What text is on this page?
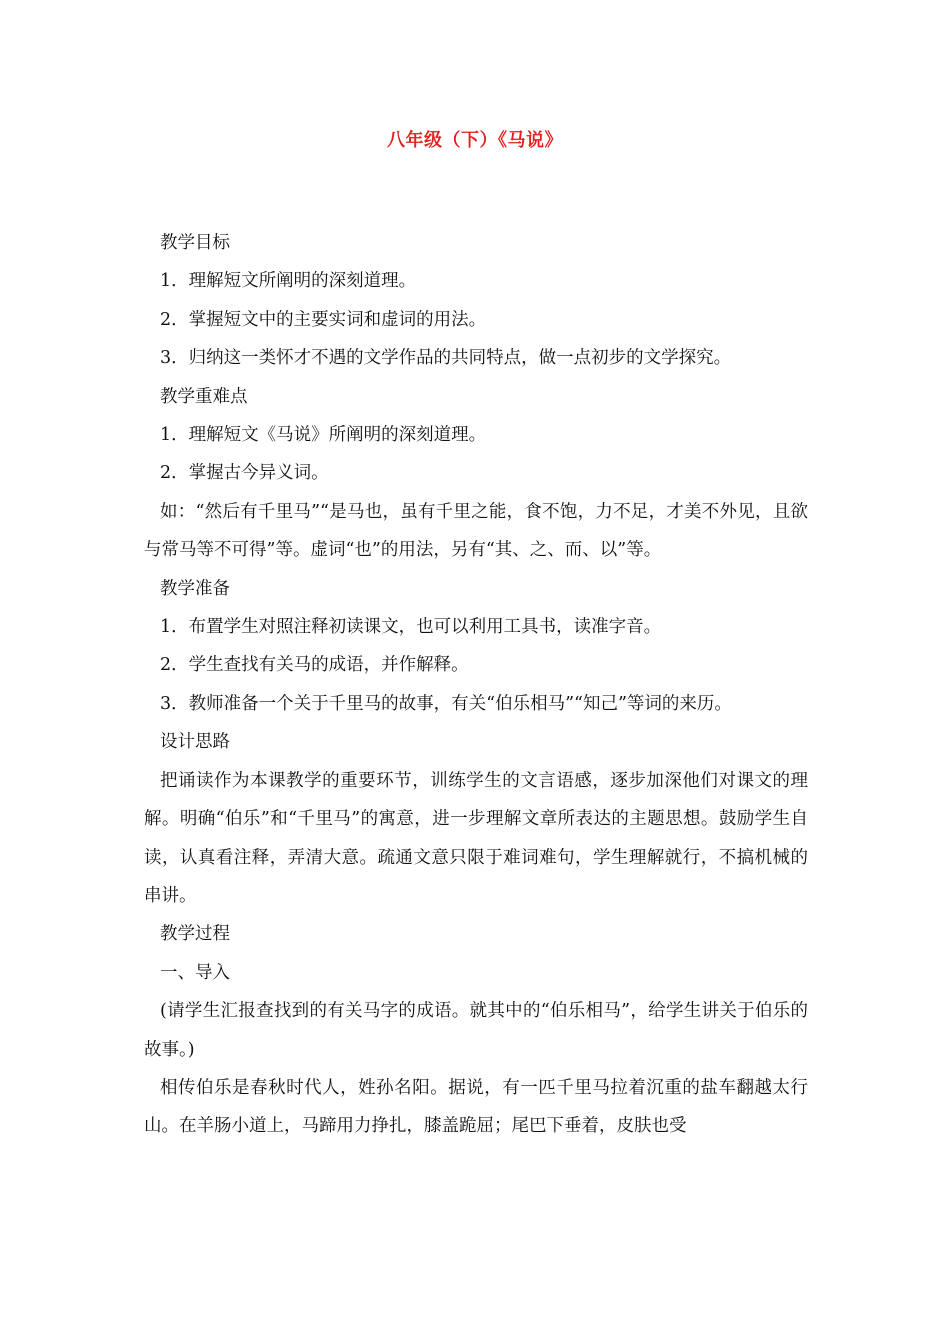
八年级（下）《马说》

教学目标

1．理解短文所阐明的深刻道理。

2．掌握短文中的主要实词和虚词的用法。

3．归纳这一类怀才不遇的文学作品的共同特点，做一点初步的文学探究。

教学重难点

1．理解短文《马说》所阐明的深刻道理。

2．掌握古今异义词。

如：“然后有千里马”“是马也，虽有千里之能，食不饱，力不足，才美不外见，且欲与常马等不可得”等。虚词“也”的用法，另有“其、之、而、以”等。

教学准备

1．布置学生对照注释初读课文，也可以利用工具书，读准字音。

2．学生查找有关马的成语，并作解释。

3．教师准备一个关于千里马的故事，有关“伯乐相马”“知己”等词的来历。

设计思路

把诵读作为本课教学的重要环节，训练学生的文言语感，逐步加深他们对课文的理解。明确“伯乐”和“千里马”的寓意，进一步理解文章所表达的主题思想。鼓励学生自读，认真看注释，弄清大意。疏通文意只限于难词难句，学生理解就行，不搞机械的串讲。

教学过程

一、导入

(请学生汇报查找到的有关马字的成语。就其中的“伯乐相马”，给学生讲关于伯乐的故事。)

相传伯乐是春秋时代人，姓孙名阳。据说，有一匹千里马拉着沉重的盐车翻越太行山。在羊肠小道上，马蹄用力挣扎，膝盖跪屈；尾巴下垂着，皮肤也受
